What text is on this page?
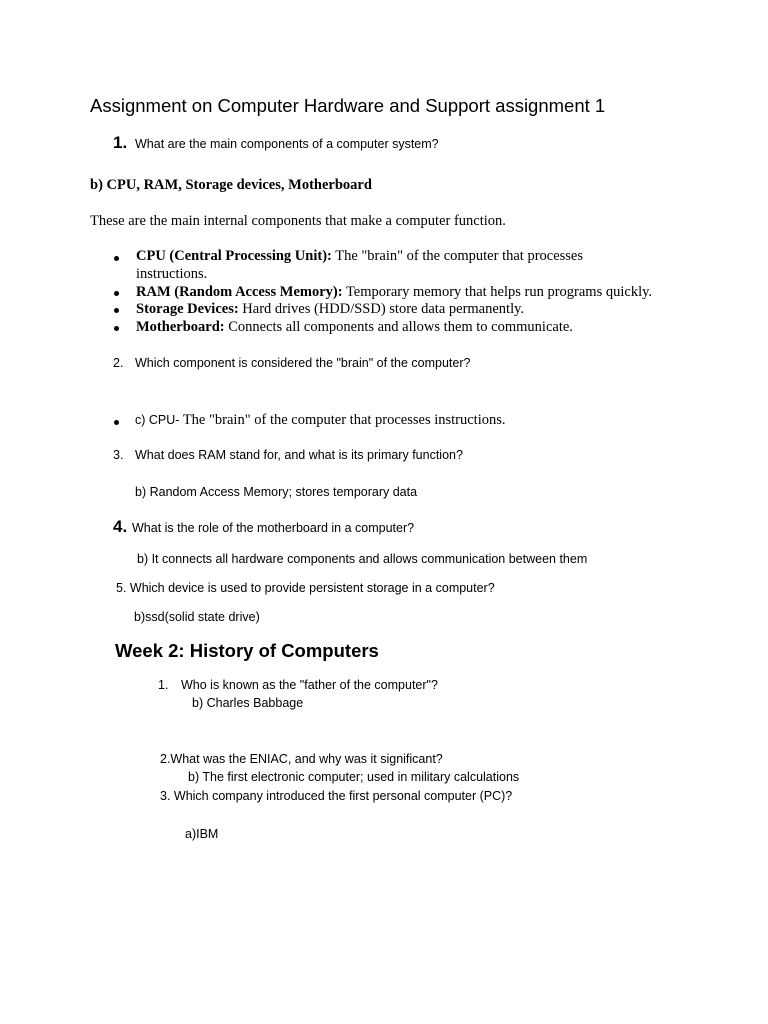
Assignment on Computer Hardware and Support assignment 1
1. What are the main components of a computer system?
b) CPU, RAM, Storage devices, Motherboard
These are the main internal components that make a computer function.
CPU (Central Processing Unit): The "brain" of the computer that processes
instructions.
RAM (Random Access Memory): Temporary memory that helps run programs quickly.
Storage Devices: Hard drives (HDD/SSD) store data permanently.
Motherboard: Connects all components and allows them to communicate.
2. Which component is considered the "brain" of the computer?
c) CPU- The "brain" of the computer that processes instructions.
3. What does RAM stand for, and what is its primary function?
b) Random Access Memory; stores temporary data
4. What is the role of the motherboard in a computer?
b) It connects all hardware components and allows communication between them
5. Which device is used to provide persistent storage in a computer?
b)ssd(solid state drive)
Week 2: History of Computers
1. Who is known as the "father of the computer"?
b) Charles Babbage
2.What was the ENIAC, and why was it significant?
b) The first electronic computer; used in military calculations
3. Which company introduced the first personal computer (PC)?
a)IBM
